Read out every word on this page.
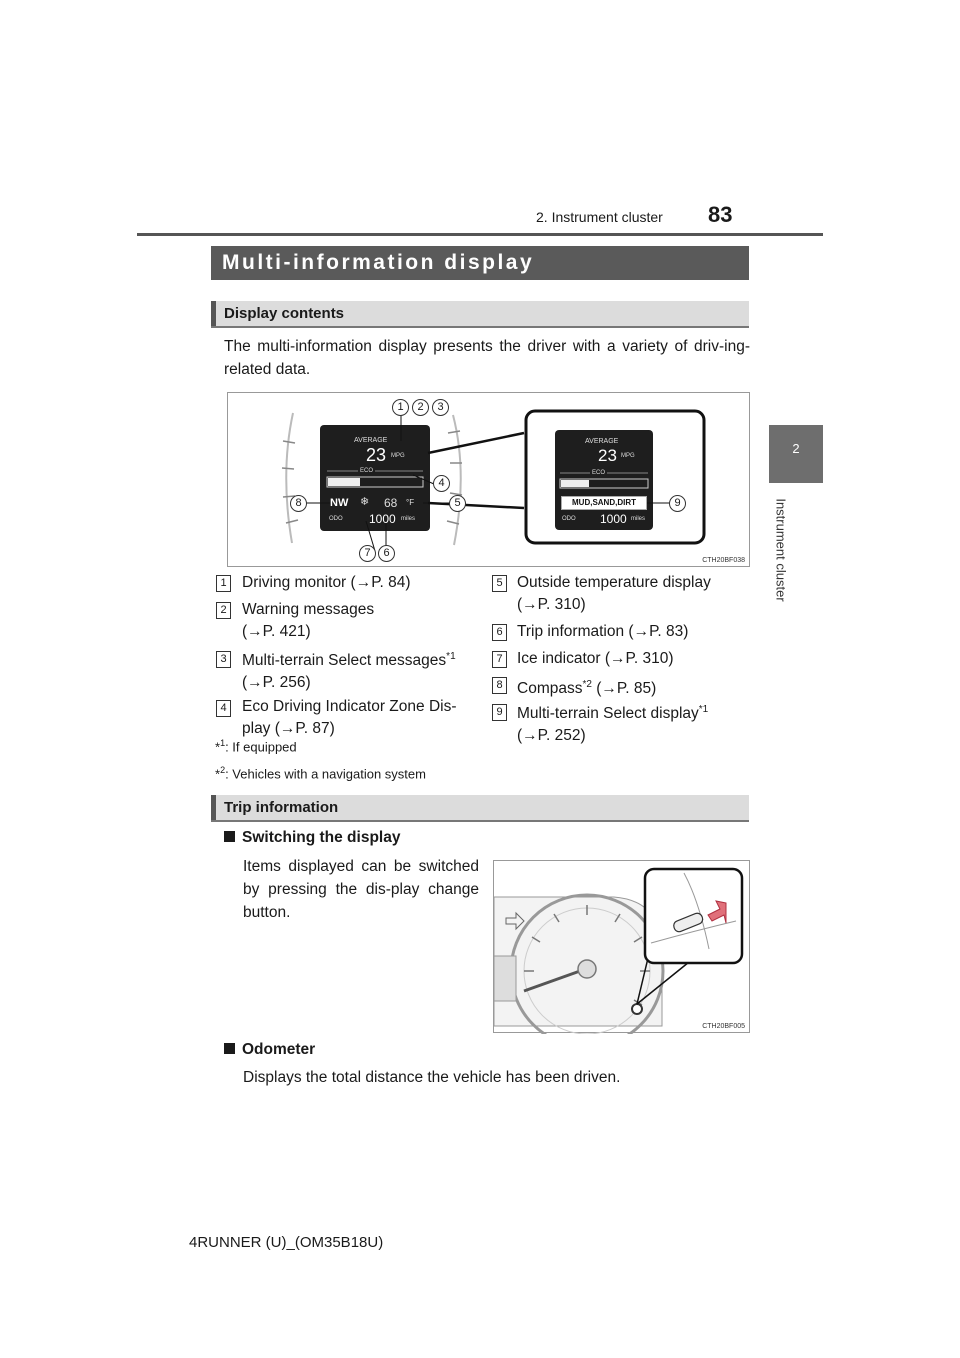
2. Instrument cluster 83
2
Instrument cluster
Multi-information display
Display contents
The multi-information display presents the driver with a variety of driv-ing-related data.
AVERAGE
23 MPG
ECO
NW ❄ 68 °F
ODO 1000 miles
AVERAGE
23 MPG
ECO
MUD,SAND,DIRT
ODO 1000 miles
1	2	3
4
5
6
7
8	9
CTH20BF038
1 Driving monitor (→P. 84)
2 Warning messages
(→P. 421)
3 Multi-terrain Select messages$^{*1}$
(→P. 256)
4 Eco Driving Indicator Zone Dis-
play (→P. 87)
5 Outside temperature display
(→P. 310)
6 Trip information (→P. 83)
7 Ice indicator (→P. 310)
8 Compass$^{*2}$ (→P. 85)
9 Multi-terrain Select display$^{*1}$
(→P. 252)
*$^1$: If equipped
*$^2$: Vehicles with a navigation system
Trip information
Switching the display
Items displayed can be switched by pressing the dis-play change button.
CTH20BF005
Odometer
Displays the total distance the vehicle has been driven.
4RUNNER (U)_(OM35B18U)
